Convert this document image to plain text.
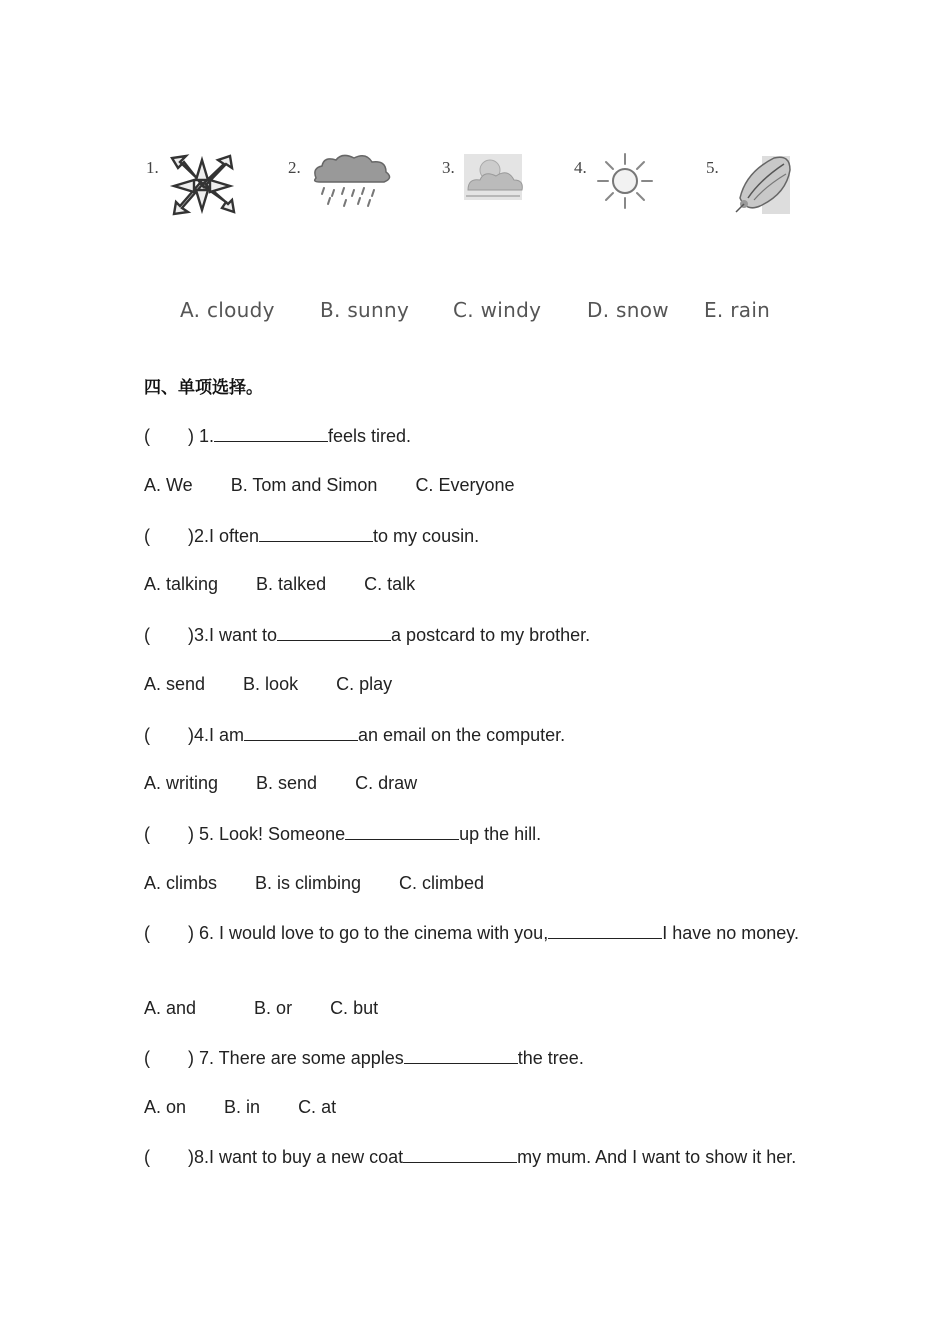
1.	2.	3.	4.	5.
A. cloudy B. sunny C. windy D. snow E. rain
四、单项选择。
( ) 1.	feels tired.
A. We B. Tom and Simon C. Everyone
( )2.I often	to my cousin.
A. talking B. talked C. talk
( )3.I want to	a postcard to my brother.
A. send B. look C. play
( )4.I am	an email on the computer.
A. writing B. send C. draw
( ) 5. Look! Someone	up the hill.
A. climbs B. is climbing C. climbed
( ) 6. I would love to go to the cinema with you,	I have no money.
A. and	B. or C. but
( ) 7. There are some apples	the tree.
A. on B. in C. at
( )8.I want to buy a new coat	my mum. And I want to show it her.
